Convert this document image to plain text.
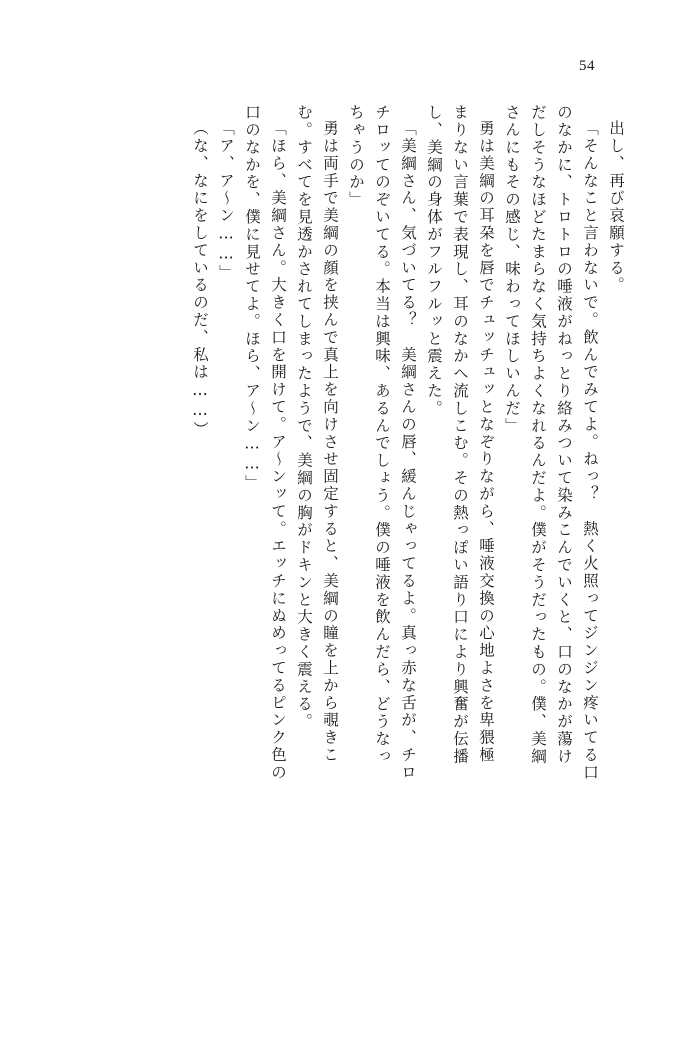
54
出し、再び哀願する。
「そんなこと言わないで。飲んでみてよ。ねっ？　熱く火照ってジンジン疼いてる口
のなかに、トロトロの唾液がねっとり絡みついて染みこんでいくと、口のなかが蕩け
だしそうなほどたまらなく気持ちよくなれるんだよ。僕がそうだったもの。僕、美綱
さんにもその感じ、味わってほしいんだ」
勇は美綱の耳朶を唇でチュッチュッとなぞりながら、唾液交換の心地よさを卑猥極
まりない言葉で表現し、耳のなかへ流しこむ。その熱っぽい語り口により興奮が伝播
し、美綱の身体がフルフルッと震えた。
「美綱さん、気づいてる？　美綱さんの唇、緩んじゃってるよ。真っ赤な舌が、チロ
チロッてのぞいてる。本当は興味、あるんでしょう。僕の唾液を飲んだら、どうなっ
ちゃうのか」
勇は両手で美綱の顔を挟んで真上を向けさせ固定すると、美綱の瞳を上から覗きこ
む。すべてを見透かされてしまったようで、美綱の胸がドキンと大きく震える。
「ほら、美綱さん。大きく口を開けて。ア〜ンッて。エッチにぬめってるピンク色の
口のなかを、僕に見せてよ。ほら、ア〜ン……」
「ア、ア〜ン……」
（な、なにをしているのだ、私は……）
